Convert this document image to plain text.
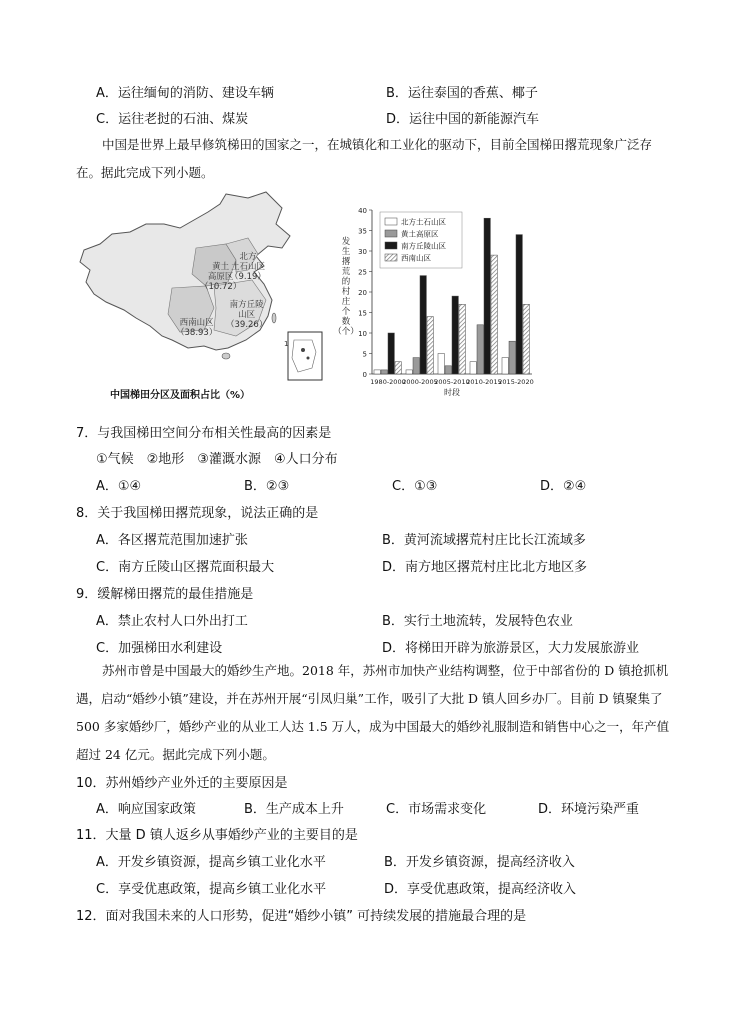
A．运往缅甸的消防、建设车辆	B．运往泰国的香蕉、椰子
C．运往老挝的石油、煤炭	D．运往中国的新能源汽车
中国是世界上最早修筑梯田的国家之一，在城镇化和工业化的驱动下，目前全国梯田撂荒现象广泛存在。据此完成下列小题。
1
黄土
高原区
（10.72）
北方
土石山区
（9.19）
西南山区
（38.93）
南方丘陵
山区
（39.26）
中国梯田分区及面积占比（%）
0
5
10
15
20
25
30
35
40
发
生
撂
荒
的
村
庄
个
数
（个）
1980-2000
2000-2005
2005-2010
2010-2015
2015-2020
时段
北方土石山区
黄土高原区
南方丘陵山区
西南山区
7．与我国梯田空间分布相关性最高的因素是
①气候　②地形　③灌溉水源　④人口分布
A．①④	B．②③	C．①③	D．②④
8．关于我国梯田撂荒现象，说法正确的是
A．各区撂荒范围加速扩张	B．黄河流域撂荒村庄比长江流域多
C．南方丘陵山区撂荒面积最大	D．南方地区撂荒村庄比北方地区多
9．缓解梯田撂荒的最佳措施是
A．禁止农村人口外出打工	B．实行土地流转，发展特色农业
C．加强梯田水利建设	D．将梯田开辟为旅游景区，大力发展旅游业
苏州市曾是中国最大的婚纱生产地。2018 年，苏州市加快产业结构调整，位于中部省份的 D 镇抢抓机遇，启动“婚纱小镇”建设，并在苏州开展“引凤归巢”工作，吸引了大批 D 镇人回乡办厂。目前 D 镇聚集了500 多家婚纱厂，婚纱产业的从业工人达 1.5 万人，成为中国最大的婚纱礼服制造和销售中心之一，年产值超过 24 亿元。据此完成下列小题。
10．苏州婚纱产业外迁的主要原因是
A．响应国家政策	B．生产成本上升	C．市场需求变化	D．环境污染严重
11．大量 D 镇人返乡从事婚纱产业的主要目的是
A．开发乡镇资源，提高乡镇工业化水平	B．开发乡镇资源，提高经济收入
C．享受优惠政策，提高乡镇工业化水平	D．享受优惠政策，提高经济收入
12．面对我国未来的人口形势，促进“婚纱小镇” 可持续发展的措施最合理的是
